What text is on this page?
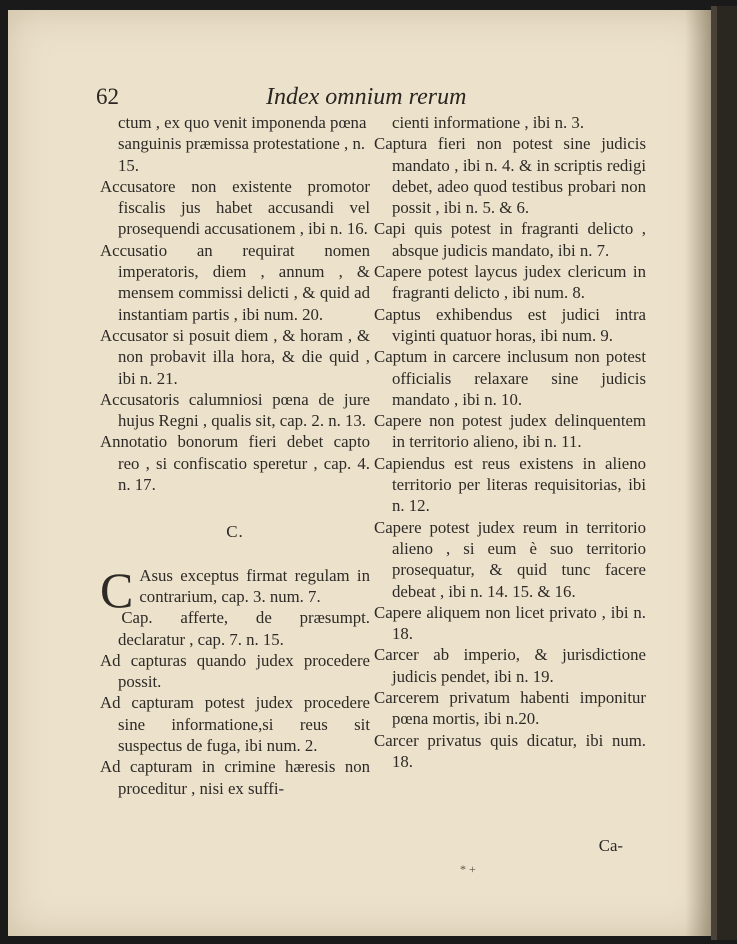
62	Index omnium rerum

ctum , ex quo venit imponenda pœna sanguinis præmissa protestatione , n. 15.

Accusatore non existente promotor fiscalis jus habet accusandi vel prosequendi accusationem , ibi n. 16.

Accusatio an requirat nomen imperatoris, diem , annum , & mensem commissi delicti , & quid ad instantiam partis , ibi num. 20.

Accusator si posuit diem , & horam , & non probavit illa hora, & die quid , ibi n. 21.

Accusatoris calumniosi pœna de jure hujus Regni , qualis sit, cap. 2. n. 13.

Annotatio bonorum fieri debet capto reo , si confiscatio speretur , cap. 4. n. 17.

C.

C Asus exceptus firmat regulam in contrarium, cap. 3. num. 7.

Cap. afferte, de præsumpt. declaratur , cap. 7. n. 15.

Ad capturas quando judex procedere possit.

Ad capturam potest judex procedere sine informatione,si reus sit suspectus de fuga, ibi num. 2.

Ad capturam in crimine hæresis non proceditur , nisi ex suffi-

cienti informatione , ibi n. 3.

Captura fieri non potest sine judicis mandato , ibi n. 4. & in scriptis redigi debet, adeo quod testibus probari non possit , ibi n. 5. & 6.

Capi quis potest in fragranti delicto , absque judicis mandato, ibi n. 7.

Capere potest laycus judex clericum in fragranti delicto , ibi num. 8.

Captus exhibendus est judici intra viginti quatuor horas, ibi num. 9.

Captum in carcere inclusum non potest officialis relaxare sine judicis mandato , ibi n. 10.

Capere non potest judex delinquentem in territorio alieno, ibi n. 11.

Capiendus est reus existens in alieno territorio per literas requisitorias, ibi n. 12.

Capere potest judex reum in territorio alieno , si eum è suo territorio prosequatur, & quid tunc facere debeat , ibi n. 14. 15. & 16.

Capere aliquem non licet privato , ibi n. 18.

Carcer ab imperio, & jurisdictione judicis pendet, ibi n. 19.

Carcerem privatum habenti imponitur pœna mortis, ibi n.20.

Carcer privatus quis dicatur, ibi num. 18.

Ca-
* +
